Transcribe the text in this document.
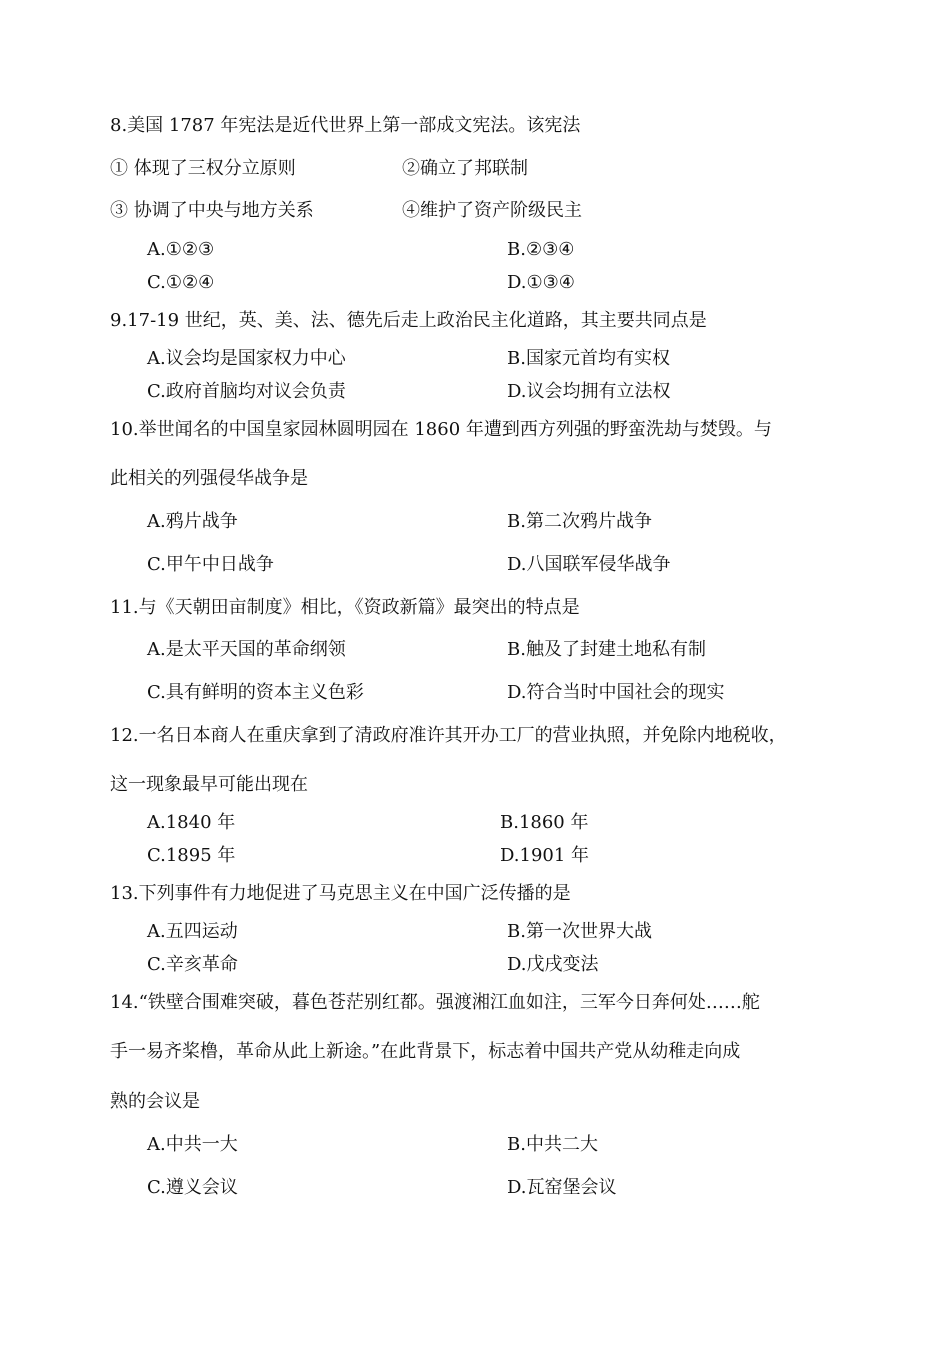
8.美国 1787 年宪法是近代世界上第一部成文宪法。该宪法
① 体现了三权分立原则	②确立了邦联制
③ 协调了中央与地方关系	④维护了资产阶级民主
A.①②③	B.②③④
C.①②④	D.①③④
9.17-19 世纪，英、美、法、德先后走上政治民主化道路，其主要共同点是
A.议会均是国家权力中心	B.国家元首均有实权
C.政府首脑均对议会负责	D.议会均拥有立法权
10.举世闻名的中国皇家园林圆明园在 1860 年遭到西方列强的野蛮洗劫与焚毁。与
此相关的列强侵华战争是
A.鸦片战争	B.第二次鸦片战争
C.甲午中日战争	D.八国联军侵华战争
11.与《天朝田亩制度》相比，《资政新篇》最突出的特点是
A.是太平天国的革命纲领	B.触及了封建土地私有制
C.具有鲜明的资本主义色彩	D.符合当时中国社会的现实
12.一名日本商人在重庆拿到了清政府准许其开办工厂的营业执照，并免除内地税收，
这一现象最早可能出现在
A.1840 年	B.1860 年
C.1895 年	D.1901 年
13.下列事件有力地促进了马克思主义在中国广泛传播的是
A.五四运动	B.第一次世界大战
C.辛亥革命	D.戊戌变法
14.“铁壁合围难突破，暮色苍茫别红都。强渡湘江血如注，三军今日奔何处……舵
手一易齐桨橹，革命从此上新途。”在此背景下，标志着中国共产党从幼稚走向成
熟的会议是
A.中共一大	B.中共二大
C.遵义会议	D.瓦窑堡会议
